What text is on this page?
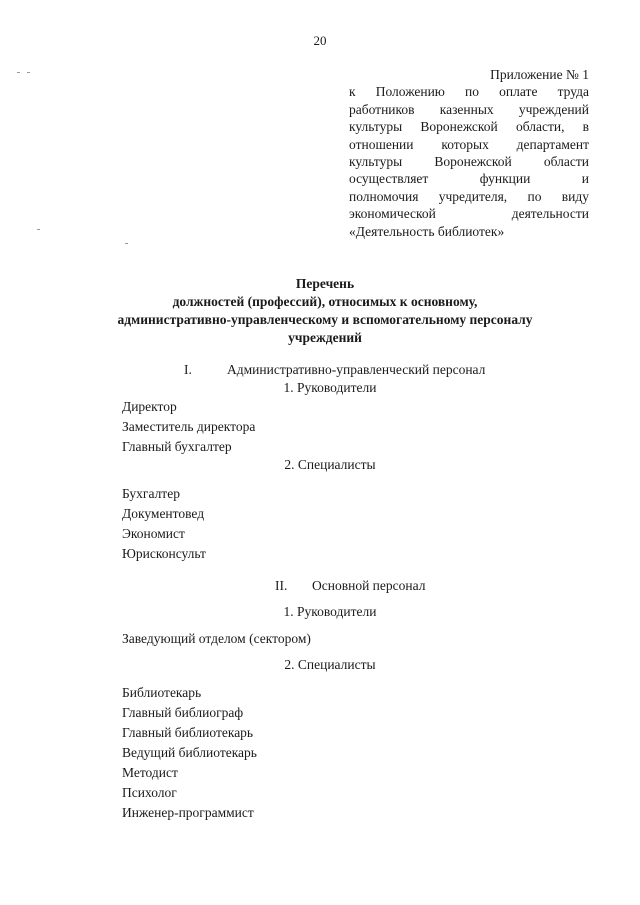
20
Приложение № 1
к Положению по оплате труда
работников казенных учреждений
культуры Воронежской области, в
отношении которых департамент
культуры Воронежской области
осуществляет функции и
полномочия учредителя, по виду
экономической деятельности
«Деятельность библиотек»
Перечень
должностей (профессий), относимых к основному,
административно-управленческому и вспомогательному персоналу
учреждений
I.	Административно-управленческий персонал
1. Руководители
Директор
Заместитель директора
Главный бухгалтер
2. Специалисты
Бухгалтер
Документовед
Экономист
Юрисконсульт
II. Основной персонал
1. Руководители
Заведующий отделом (сектором)
2. Специалисты
Библиотекарь
Главный библиограф
Главный библиотекарь
Ведущий библиотекарь
Методист
Психолог
Инженер-программист
